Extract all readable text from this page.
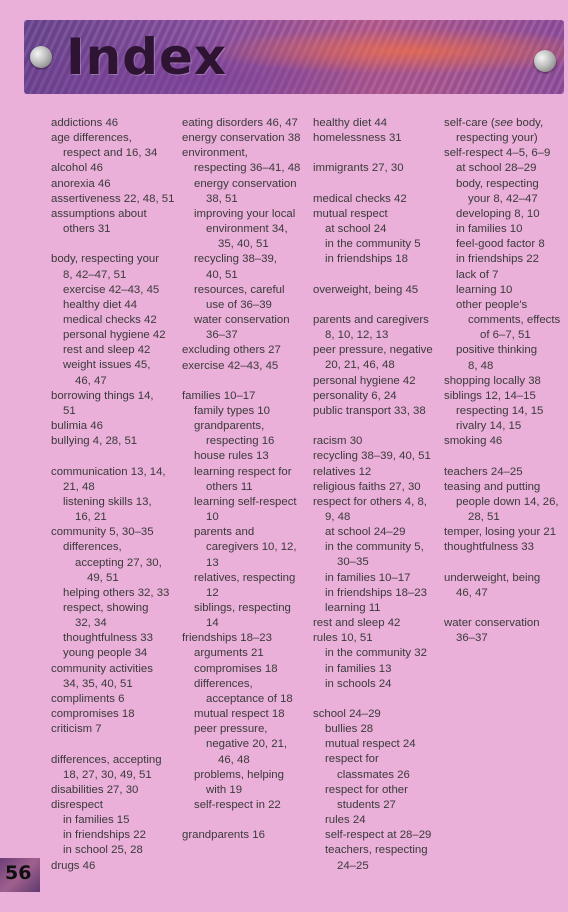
Index
addictions 46
age differences,
respect and 16, 34
alcohol 46
anorexia 46
assertiveness 22, 48, 51
assumptions about
others 31
body, respecting your
8, 42–47, 51
exercise 42–43, 45
healthy diet 44
medical checks 42
personal hygiene 42
rest and sleep 42
weight issues 45,
46, 47
borrowing things 14,
51
bulimia 46
bullying 4, 28, 51
communication 13, 14,
21, 48
listening skills 13,
16, 21
community 5, 30–35
differences,
accepting 27, 30,
49, 51
helping others 32, 33
respect, showing
32, 34
thoughtfulness 33
young people 34
community activities
34, 35, 40, 51
compliments 6
compromises 18
criticism 7
differences, accepting
18, 27, 30, 49, 51
disabilities 27, 30
disrespect
in families 15
in friendships 22
in school 25, 28
drugs 46
eating disorders 46, 47
energy conservation 38
environment,
respecting 36–41, 48
energy conservation
38, 51
improving your local
environment 34,
35, 40, 51
recycling 38–39,
40, 51
resources, careful
use of 36–39
water conservation
36–37
excluding others 27
exercise 42–43, 45
families 10–17
family types 10
grandparents,
respecting 16
house rules 13
learning respect for
others 11
learning self-respect
10
parents and
caregivers 10, 12,
13
relatives, respecting
12
siblings, respecting
14
friendships 18–23
arguments 21
compromises 18
differences,
acceptance of 18
mutual respect 18
peer pressure,
negative 20, 21,
46, 48
problems, helping
with 19
self-respect in 22
grandparents 16
healthy diet 44
homelessness 31
immigrants 27, 30
medical checks 42
mutual respect
at school 24
in the community 5
in friendships 18
overweight, being 45
parents and caregivers
8, 10, 12, 13
peer pressure, negative
20, 21, 46, 48
personal hygiene 42
personality 6, 24
public transport 33, 38
racism 30
recycling 38–39, 40, 51
relatives 12
religious faiths 27, 30
respect for others 4, 8,
9, 48
at school 24–29
in the community 5,
30–35
in families 10–17
in friendships 18–23
learning 11
rest and sleep 42
rules 10, 51
in the community 32
in families 13
in schools 24
school 24–29
bullies 28
mutual respect 24
respect for
classmates 26
respect for other
students 27
rules 24
self-respect at 28–29
teachers, respecting
24–25
self-care (see body,
respecting your)
self-respect 4–5, 6–9
at school 28–29
body, respecting
your 8, 42–47
developing 8, 10
in families 10
feel-good factor 8
in friendships 22
lack of 7
learning 10
other people's
comments, effects
of 6–7, 51
positive thinking
8, 48
shopping locally 38
siblings 12, 14–15
respecting 14, 15
rivalry 14, 15
smoking 46
teachers 24–25
teasing and putting
people down 14, 26,
28, 51
temper, losing your 21
thoughtfulness 33
underweight, being
46, 47
water conservation
36–37
56
